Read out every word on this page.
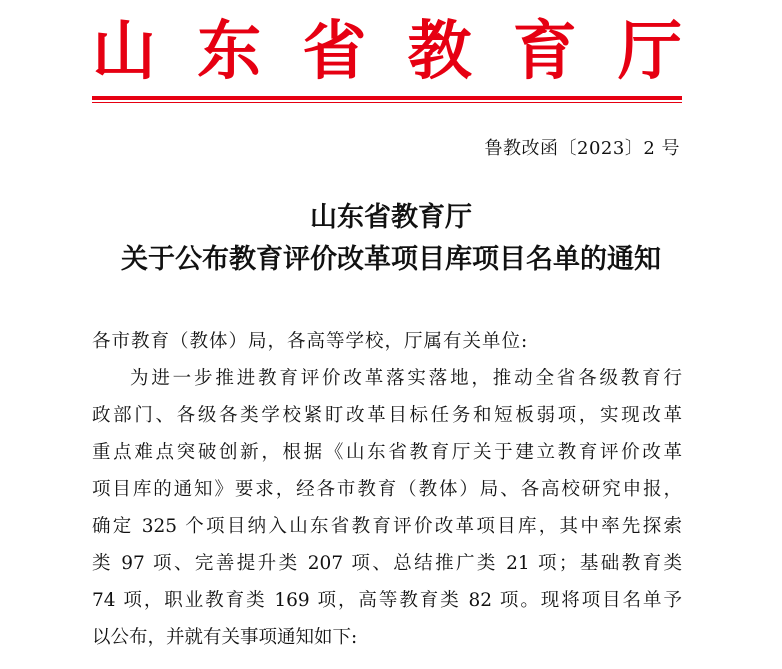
山 东 省 教 育 厅
鲁教改函〔2023〕2 号
山东省教育厅
关于公布教育评价改革项目库项目名单的通知
各市教育（教体）局，各高等学校，厅属有关单位:
为进一步推进教育评价改革落实落地，推动全省各级教育行
政部门、各级各类学校紧盯改革目标任务和短板弱项，实现改革
重点难点突破创新，根据《山东省教育厅关于建立教育评价改革
项目库的通知》要求，经各市教育（教体）局、各高校研究申报，
确定 325 个项目纳入山东省教育评价改革项目库，其中率先探索
类 97 项、完善提升类 207 项、总结推广类 21 项；基础教育类
74 项，职业教育类 169 项，高等教育类 82 项。现将项目名单予
以公布，并就有关事项通知如下:
